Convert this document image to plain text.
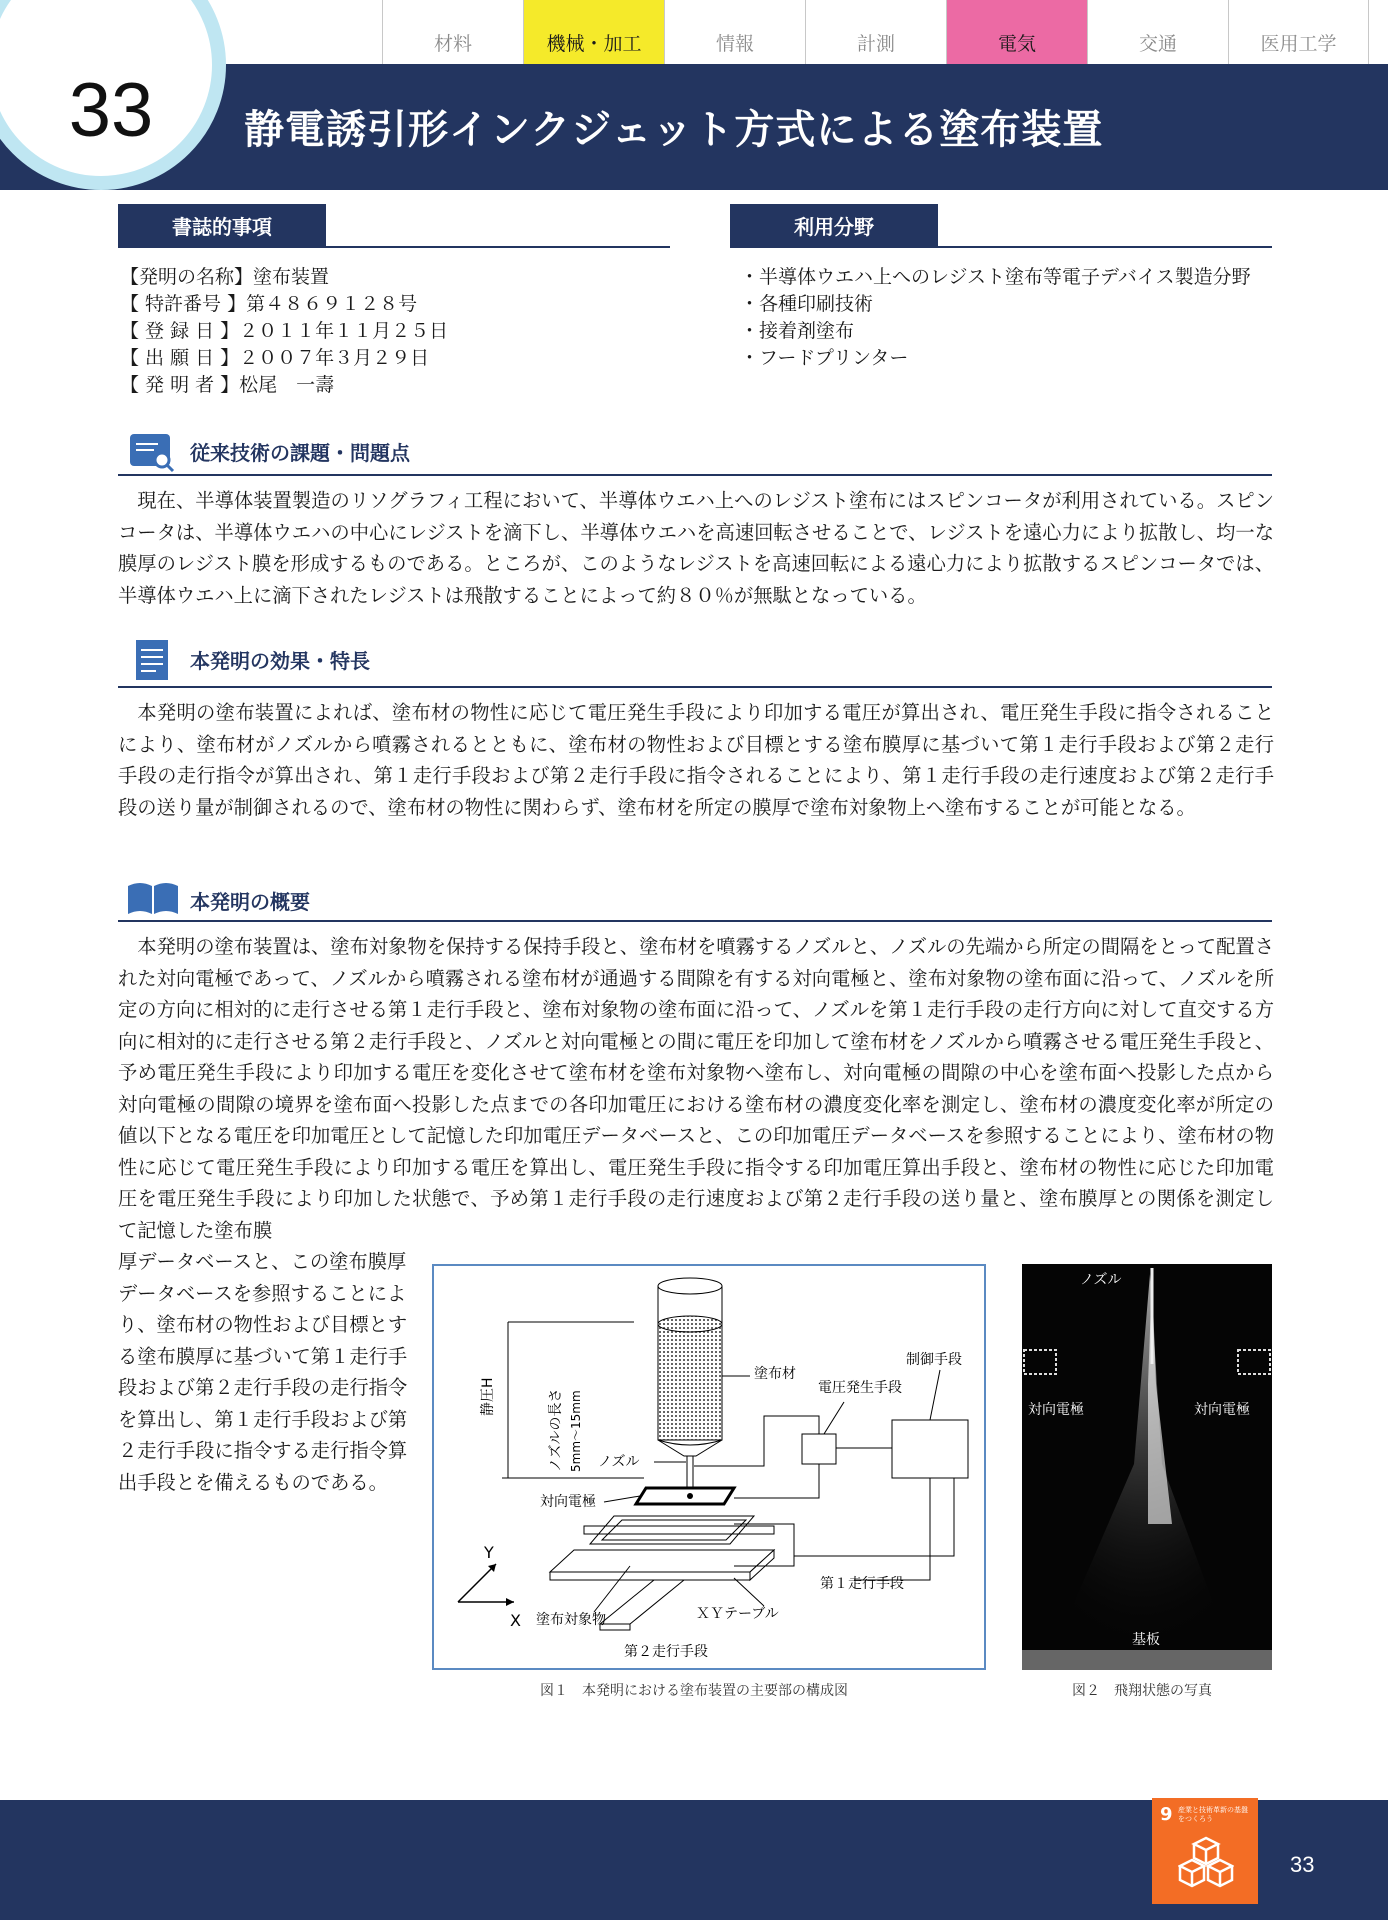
材料	機械・加工	情報	計測	電気	交通	医用工学
33 静電誘引形インクジェット方式による塗布装置
書誌的事項
【発明の名称】塗布装置
【 特許番号 】第４８６９１２８号
【 登 録 日 】２０１１年１１月２５日
【 出 願 日 】２００７年３月２９日
【 発 明 者 】松尾　一壽
利用分野
・半導体ウエハ上へのレジスト塗布等電子デバイス製造分野
・各種印刷技術
・接着剤塗布
・フードプリンター
従来技術の課題・問題点

現在、半導体装置製造のリソグラフィ工程において、半導体ウエハ上へのレジスト塗布にはスピンコータが利用されている。スピンコータは、半導体ウエハの中心にレジストを滴下し、半導体ウエハを高速回転させることで、レジストを遠心力により拡散し、均一な膜厚のレジスト膜を形成するものである。ところが、このようなレジストを高速回転による遠心力により拡散するスピンコータでは、半導体ウエハ上に滴下されたレジストは飛散することによって約８０％が無駄となっている。

本発明の効果・特長

本発明の塗布装置によれば、塗布材の物性に応じて電圧発生手段により印加する電圧が算出され、電圧発生手段に指令されることにより、塗布材がノズルから噴霧されるとともに、塗布材の物性および目標とする塗布膜厚に基づいて第１走行手段および第２走行手段の走行指令が算出され、第１走行手段および第２走行手段に指令されることにより、第１走行手段の走行速度および第２走行手段の送り量が制御されるので、塗布材の物性に関わらず、塗布材を所定の膜厚で塗布対象物上へ塗布することが可能となる。

本発明の概要

本発明の塗布装置は、塗布対象物を保持する保持手段と、塗布材を噴霧するノズルと、ノズルの先端から所定の間隔をとって配置された対向電極であって、ノズルから噴霧される塗布材が通過する間隙を有する対向電極と、塗布対象物の塗布面に沿って、ノズルを所定の方向に相対的に走行させる第１走行手段と、塗布対象物の塗布面に沿って、ノズルを第１走行手段の走行方向に対して直交する方向に相対的に走行させる第２走行手段と、ノズルと対向電極との間に電圧を印加して塗布材をノズルから噴霧させる電圧発生手段と、予め電圧発生手段により印加する電圧を変化させて塗布材を塗布対象物へ塗布し、対向電極の間隙の中心を塗布面へ投影した点から対向電極の間隙の境界を塗布面へ投影した点までの各印加電圧における塗布材の濃度変化率を測定し、塗布材の濃度変化率が所定の値以下となる電圧を印加電圧として記憶した印加電圧データベースと、この印加電圧データベースを参照することにより、塗布材の物性に応じて電圧発生手段により印加する電圧を算出し、電圧発生手段に指令する印加電圧算出手段と、塗布材の物性に応じた印加電圧を電圧発生手段により印加した状態で、予め第１走行手段の走行速度および第２走行手段の送り量と、塗布膜厚との関係を測定して記憶した塗布膜

厚データベースと、この塗布膜厚データベースを参照することにより、塗布材の物性および目標とする塗布膜厚に基づいて第１走行手段および第２走行手段の走行指令を算出し、第１走行手段および第２走行手段に指令する走行指令算出手段とを備えるものである。
静圧H	ノズルの長さ 5mm～15mm
塗布材
制御手段
電圧発生手段
ノズル
対向電極
第１走行手段
塗布対象物	ＸＹテーブル
第２走行手段
Y
X
図１　本発明における塗布装置の主要部の構成図
ノズル
対向電極	対向電極
基板
図２　飛翔状態の写真
9 産業と技術革新の基盤をつくろう
33
